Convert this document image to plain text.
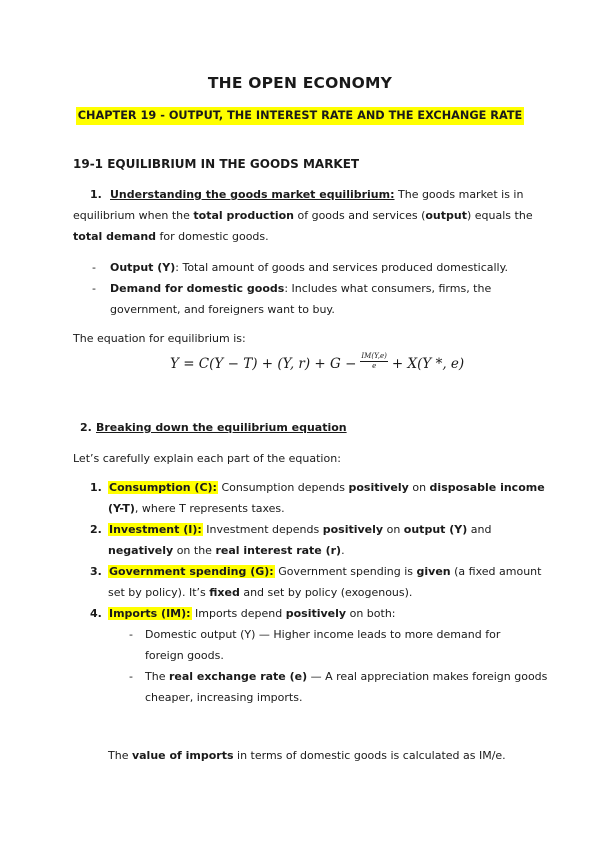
THE OPEN ECONOMY
CHAPTER 19 - OUTPUT, THE INTEREST RATE AND THE EXCHANGE RATE
19-1 EQUILIBRIUM IN THE GOODS MARKET
1. Understanding the goods market equilibrium: The goods market is in
equilibrium when the total production of goods and services (output) equals the
total demand for domestic goods.
- Output (Y): Total amount of goods and services produced domestically.
- Demand for domestic goods: Includes what consumers, firms, the
government, and foreigners want to buy.
The equation for equilibrium is:
Y = C(Y − T) + (Y, $r) + G - \frac{IM(Y,e)}{e} + X(Y$ *, e)
2. Breaking down the equilibrium equation
Let’s carefully explain each part of the equation:
1. Consumption (C): Consumption depends positively on disposable income
(Y-T), where T represents taxes.
2. Investment (I): Investment depends positively on output (Y) and
negatively on the real interest rate (r).
3. Government spending (G): Government spending is given (a fixed amount
set by policy). It’s fixed and set by policy (exogenous).
4. Imports (IM): Imports depend positively on both:
- Domestic output (Y) — Higher income leads to more demand for
foreign goods.
- The real exchange rate (e) — A real appreciation makes foreign goods
cheaper, increasing imports.
The value of imports in terms of domestic goods is calculated as IM/e.
